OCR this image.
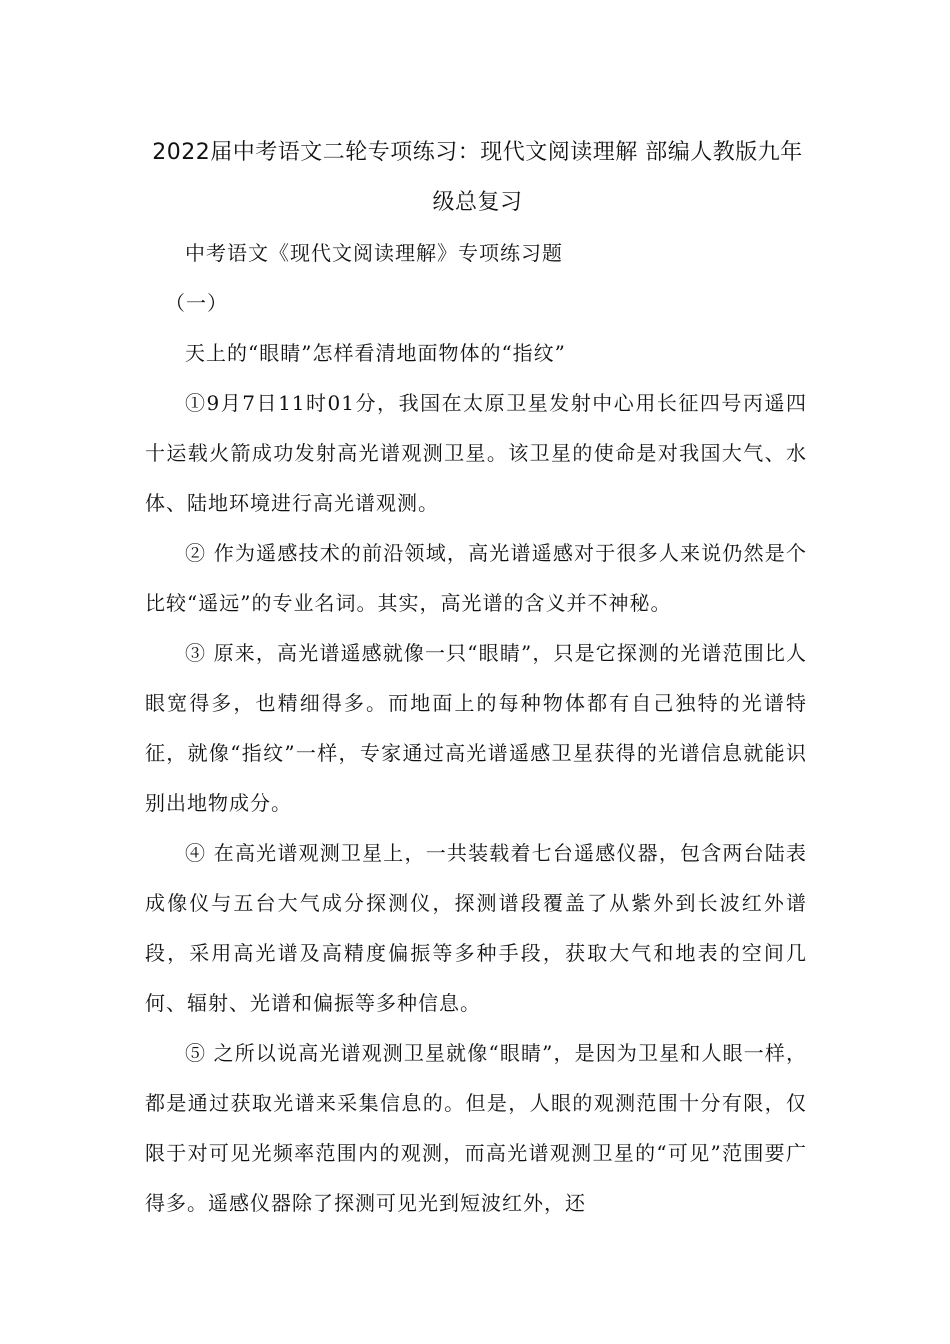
2022届中考语文二轮专项练习：现代文阅读理解 部编人教版九年级总复习

中考语文《现代文阅读理解》专项练习题

（一）

天上的“眼睛”怎样看清地面物体的“指纹”

①9月7日11时01分，我国在太原卫星发射中心用长征四号丙遥四十运载火箭成功发射高光谱观测卫星。该卫星的使命是对我国大气、水体、陆地环境进行高光谱观测。

② 作为遥感技术的前沿领域，高光谱遥感对于很多人来说仍然是个比较“遥远”的专业名词。其实，高光谱的含义并不神秘。

③ 原来，高光谱遥感就像一只“眼睛”，只是它探测的光谱范围比人眼宽得多，也精细得多。而地面上的每种物体都有自己独特的光谱特征，就像“指纹”一样，专家通过高光谱遥感卫星获得的光谱信息就能识别出地物成分。

④ 在高光谱观测卫星上，一共装载着七台遥感仪器，包含两台陆表成像仪与五台大气成分探测仪，探测谱段覆盖了从紫外到长波红外谱段，采用高光谱及高精度偏振等多种手段，获取大气和地表的空间几何、辐射、光谱和偏振等多种信息。

⑤ 之所以说高光谱观测卫星就像“眼睛”，是因为卫星和人眼一样，都是通过获取光谱来采集信息的。但是，人眼的观测范围十分有限，仅限于对可见光频率范围内的观测，而高光谱观测卫星的“可见”范围要广得多。遥感仪器除了探测可见光到短波红外，还
